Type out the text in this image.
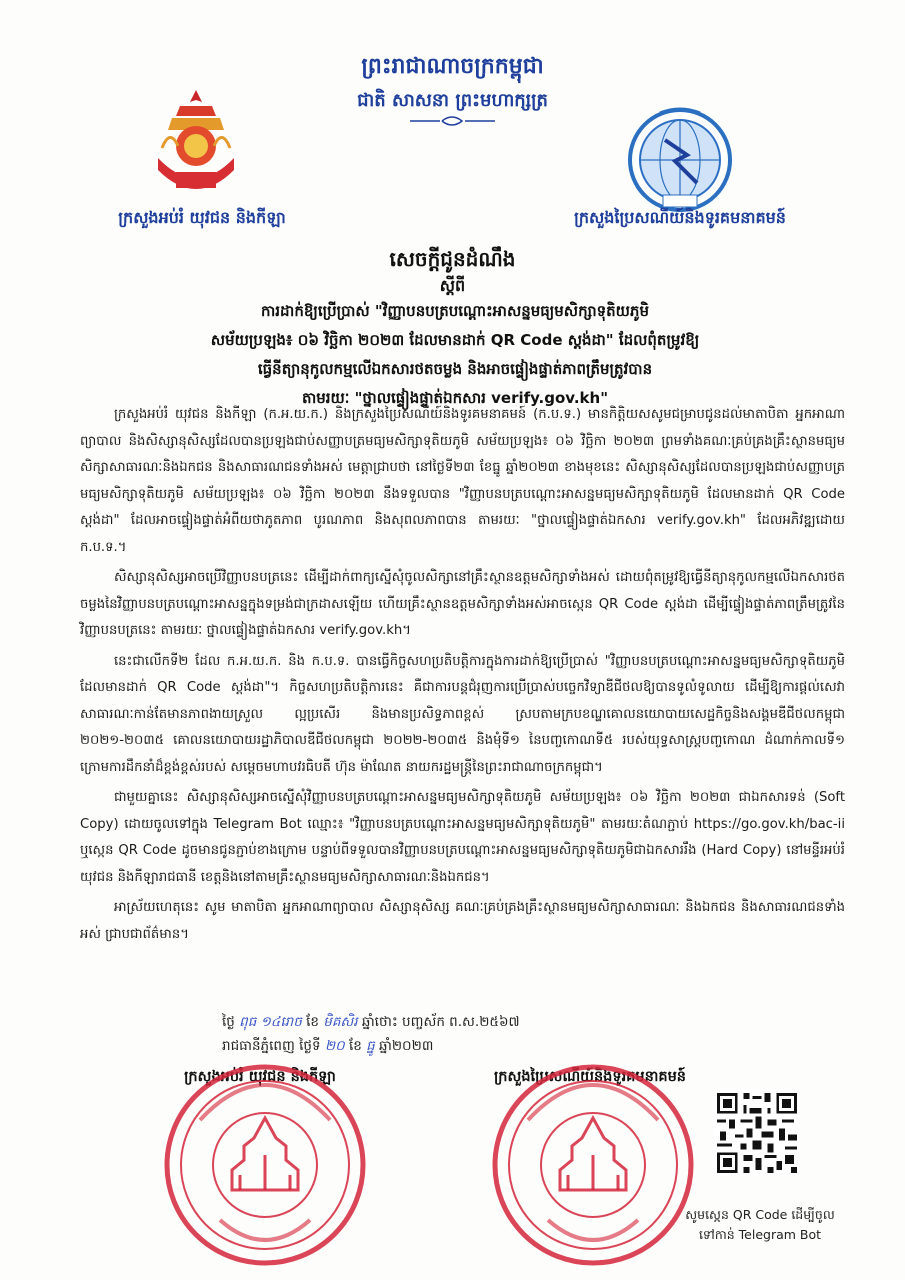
ព្រះរាជាណាចក្រកម្ពុជា
ជាតិ សាសនា ព្រះមហាក្សត្រ
ក្រសួងអប់រំ យុវជន និងកីឡា	ក្រសួងប្រៃសណីយ៍និងទូរគមនាគមន៍
សេចក្តីជូនដំណឹង
ស្តីពី
ការដាក់ឱ្យប្រើប្រាស់ "វិញ្ញាបនបត្របណ្តោះអាសន្នមធ្យមសិក្សាទុតិយភូមិ
សម័យប្រឡង៖ ០៦ វិច្ឆិកា ២០២៣ ដែលមានដាក់ QR Code ស្តង់ដា" ដែលពុំតម្រូវឱ្យ
ធ្វើនីត្យានុកូលកម្មលើឯកសារថតចម្លង និងអាចផ្ទៀងផ្ទាត់ភាពត្រឹមត្រូវបាន
តាមរយៈ "ថ្នាលផ្ទៀងផ្ទាត់ឯកសារ verify.gov.kh"

ក្រសួងអប់រំ យុវជន និងកីឡា (ក.អ.យ.ក.) និងក្រសួងប្រៃសណីយ៍និងទូរគមនាគមន៍ (ក.ប.ទ.) មានកិត្តិយសសូមជម្រាបជូនដល់មាតាបិតា អ្នកអាណាព្យាបាល និងសិស្សានុសិស្សដែលបានប្រឡងជាប់សញ្ញាបត្រមធ្យមសិក្សាទុតិយភូមិ សម័យប្រឡង៖ ០៦ វិច្ឆិកា ២០២៣ ព្រមទាំងគណៈគ្រប់គ្រងគ្រឹះស្ថានមធ្យមសិក្សាសាធារណៈនិងឯកជន និងសាធារណជនទាំងអស់ មេត្តាជ្រាបថា នៅថ្ងៃទី២៣ ខែធ្នូ ឆ្នាំ២០២៣ ខាងមុខនេះ សិស្សានុសិស្សដែលបានប្រឡងជាប់សញ្ញាបត្រមធ្យមសិក្សាទុតិយភូមិ សម័យប្រឡង៖ ០៦ វិច្ឆិកា ២០២៣ នឹងទទួលបាន "វិញ្ញាបនបត្របណ្តោះអាសន្នមធ្យមសិក្សាទុតិយភូមិ ដែលមានដាក់ QR Code ស្តង់ដា" ដែលអាចផ្ទៀងផ្ទាត់អំពីយថាភូតភាព បូរណភាព និងសុពលភាពបាន តាមរយៈ "ថ្នាលផ្ទៀងផ្ទាត់ឯកសារ verify.gov.kh" ដែលអភិវឌ្ឍដោយ ក.ប.ទ.។

សិស្សានុសិស្សអាចប្រើវិញ្ញាបនបត្រនេះ ដើម្បីដាក់ពាក្យស្នើសុំចូលសិក្សានៅគ្រឹះស្ថានឧត្តមសិក្សាទាំងអស់ ដោយពុំតម្រូវឱ្យធ្វើនីត្យានុកូលកម្មលើឯកសារថតចម្លងនៃវិញ្ញាបនបត្របណ្តោះអាសន្នក្នុងទម្រង់ជាក្រដាសឡើយ ហើយគ្រឹះស្ថានឧត្តមសិក្សាទាំងអស់អាចស្កេន QR Code ស្តង់ដា ដើម្បីផ្ទៀងផ្ទាត់ភាពត្រឹមត្រូវនៃវិញ្ញាបនបត្រនេះ តាមរយៈ ថ្នាលផ្ទៀងផ្ទាត់ឯកសារ verify.gov.kh។

នេះជាលើកទី២ ដែល ក.អ.យ.ក. និង ក.ប.ទ. បានធ្វើកិច្ចសហប្រតិបត្តិការក្នុងការដាក់ឱ្យប្រើប្រាស់ "វិញ្ញាបនបត្របណ្តោះអាសន្នមធ្យមសិក្សាទុតិយភូមិដែលមានដាក់ QR Code ស្តង់ដា"។ កិច្ចសហប្រតិបត្តិការនេះ គឺជាការបន្តជំរុញការប្រើប្រាស់បច្ចេកវិទ្យាឌីជីថលឱ្យបានទូលំទូលាយ ដើម្បីឱ្យការផ្តល់សេវាសាធារណៈកាន់តែមានភាពងាយស្រួល ល្អប្រសើរ និងមានប្រសិទ្ធភាពខ្ពស់ ស្របតាមក្របខណ្ឌគោលនយោបាយសេដ្ឋកិច្ចនិងសង្គមឌីជីថលកម្ពុជា ២០២១-២០៣៥ គោលនយោបាយរដ្ឋាភិបាលឌីជីថលកម្ពុជា ២០២២-២០៣៥ និងមុំទី១ នៃបញ្ចកោណទី៥ របស់យុទ្ធសាស្ត្របញ្ចកោណ ដំណាក់កាលទី១ ក្រោមការដឹកនាំដ៏ខ្ពង់ខ្ពស់របស់ សម្តេចមហាបវរធិបតី ហ៊ុន ម៉ាណែត នាយករដ្ឋមន្ត្រីនៃព្រះរាជាណាចក្រកម្ពុជា។

ជាមួយគ្នានេះ សិស្សានុសិស្សអាចស្នើសុំវិញ្ញាបនបត្របណ្តោះអាសន្នមធ្យមសិក្សាទុតិយភូមិ សម័យប្រឡង៖ ០៦ វិច្ឆិកា ២០២៣ ជាឯកសារទន់ (Soft Copy) ដោយចូលទៅក្នុង Telegram Bot ឈ្មោះ៖ "វិញ្ញាបនបត្របណ្តោះអាសន្នមធ្យមសិក្សាទុតិយភូមិ" តាមរយៈតំណភ្ជាប់ https://go.gov.kh/bac-ii ឬស្កេន QR Code ដូចមានជូនភ្ជាប់ខាងក្រោម បន្ទាប់ពីទទួលបានវិញ្ញាបនបត្របណ្តោះអាសន្នមធ្យមសិក្សាទុតិយភូមិជាឯកសាររឹង (Hard Copy) នៅមន្ទីរអប់រំ យុវជន និងកីឡារាជធានី ខេត្តនិងនៅតាមគ្រឹះស្ថានមធ្យមសិក្សាសាធារណៈនិងឯកជន។

អាស្រ័យហេតុនេះ សូម មាតាបិតា អ្នកអាណាព្យាបាល សិស្សានុសិស្ស គណៈគ្រប់គ្រងគ្រឹះស្ថានមធ្យមសិក្សាសាធារណៈ និងឯកជន និងសាធារណជនទាំងអស់ ជ្រាបជាព័ត៌មាន។

ថ្ងៃ ពុធ ១៤រោច ខែ មិគសិរ ឆ្នាំថោះ បញ្ចស័ក ព.ស.២៥៦៧
រាជធានីភ្នំពេញ ថ្ងៃទី ២០ ខែ ធ្នូ ឆ្នាំ២០២៣
ក្រសួងអប់រំ យុវជន និងកីឡា	ក្រសួងប្រៃសណីយ៍និងទូរគមនាគមន៍
សូមស្កេន QR Code ដើម្បីចូល
ទៅកាន់ Telegram Bot
